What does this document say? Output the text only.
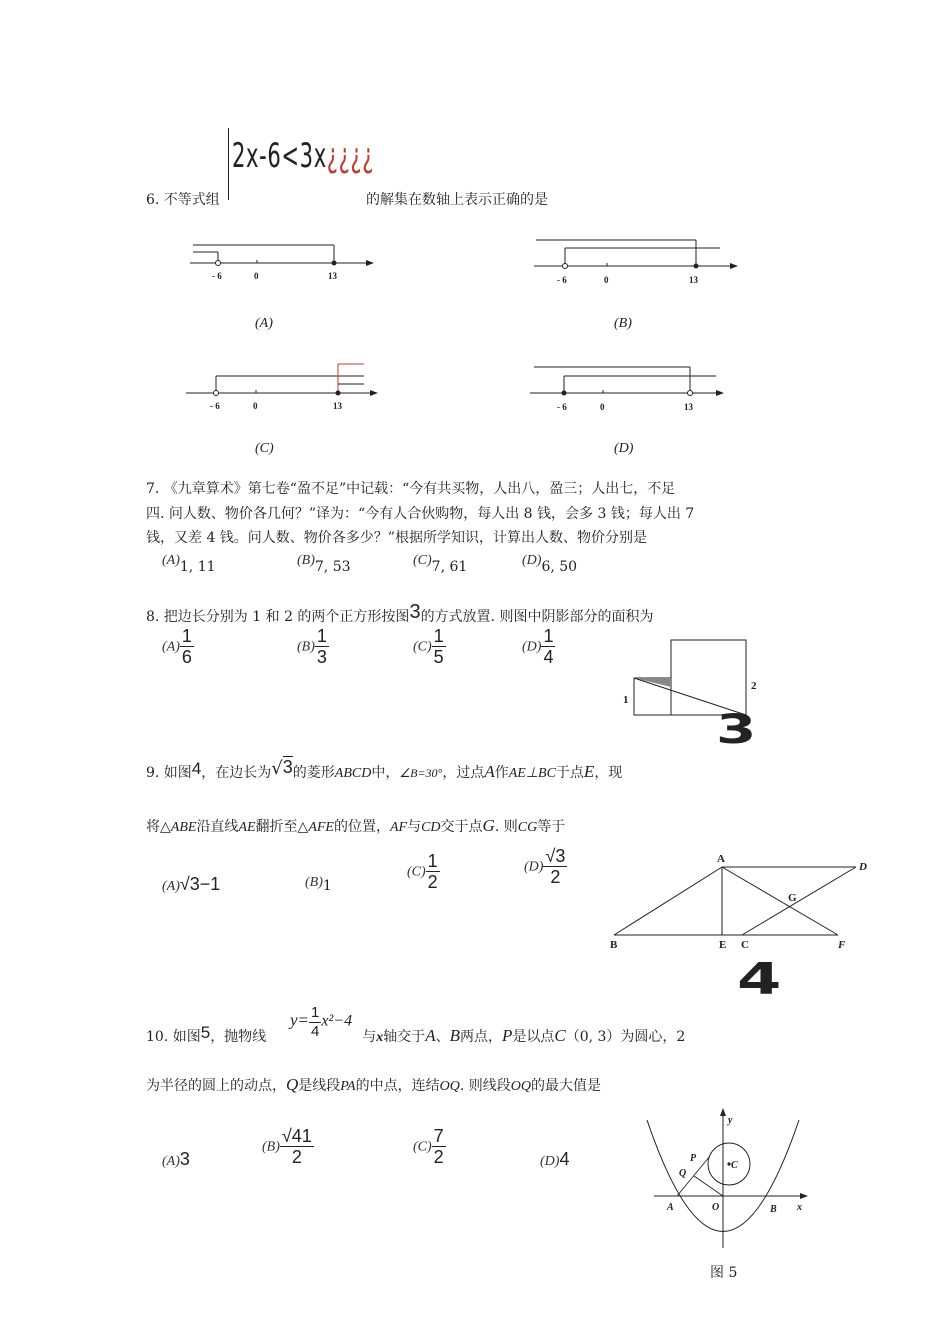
2x-6<3x¿¿¿¿
6. 不等式组	的解集在数轴上表示正确的是
- 6	0	13
(A)
- 6	0	13
(B)
- 6	0	13
(C)
- 6	0	13
(D)
7. 《九章算术》第七卷“盈不足”中记载：“今有共买物，人出八，盈三；人出七，不足
四. 问人数、物价各几何？”译为：“今有人合伙购物，每人出 8 钱，会多 3 钱；每人出 7
钱，又差 4 钱。问人数、物价各多少？”根据所学知识，计算出人数、物价分别是
(A)1, 11	(B)7, 53	(C)7, 61	(D)6, 50
8. 把边长分别为 1 和 2 的两个正方形按图3的方式放置. 则图中阴影部分的面积为
$(A) \frac{1}{6}$	$(B) \frac{1}{3}$	$(C) \frac{1}{5}$	$(D) \frac{1}{4}$
1
2
3
9. 如图4，在边长为√3的菱形ABCD中，∠B=30°，过点A作AE⊥BC于点E，现
将△ABE沿直线AE翻折至△AFE的位置，AF与CD交于点G. 则CG等于
(A)√3−1	(B)1
$(C) \frac{1}{2}$	$(D) \frac{√3}{2}$	A
D
G
B	E C	F
4
$y= \frac{1}{4} x^2-4$
10. 如图5，抛物线	与x轴交于A、B两点，P是以点C（0, 3）为圆心，2
为半径的圆上的动点，Q是线段PA的中点，连结OQ. 则线段OQ的最大值是
(A)3
$(B) \frac{√41}{2}$	$(C) \frac{7}{2}$	(D)4
y
P
C
Q
A	O	B x
图 5
